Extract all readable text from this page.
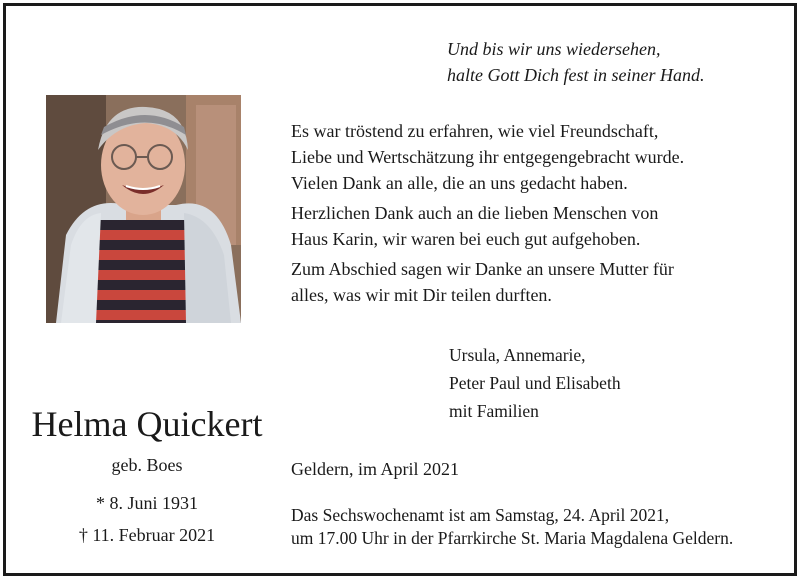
Und bis wir uns wiedersehen,
halte Gott Dich fest in seiner Hand.
Es war tröstend zu erfahren, wie viel Freundschaft,
Liebe und Wertschätzung ihr entgegengebracht wurde.
Vielen Dank an alle, die an uns gedacht haben.
Herzlichen Dank auch an die lieben Menschen von
Haus Karin, wir waren bei euch gut aufgehoben.
Zum Abschied sagen wir Danke an unsere Mutter für
alles, was wir mit Dir teilen durften.
Ursula, Annemarie,
Peter Paul und Elisabeth
mit Familien
Helma Quickert
geb. Boes
* 8. Juni 1931
† 11. Februar 2021
Geldern, im April 2021
Das Sechswochenamt ist am Samstag, 24. April 2021,
um 17.00 Uhr in der Pfarrkirche St. Maria Magdalena Geldern.
